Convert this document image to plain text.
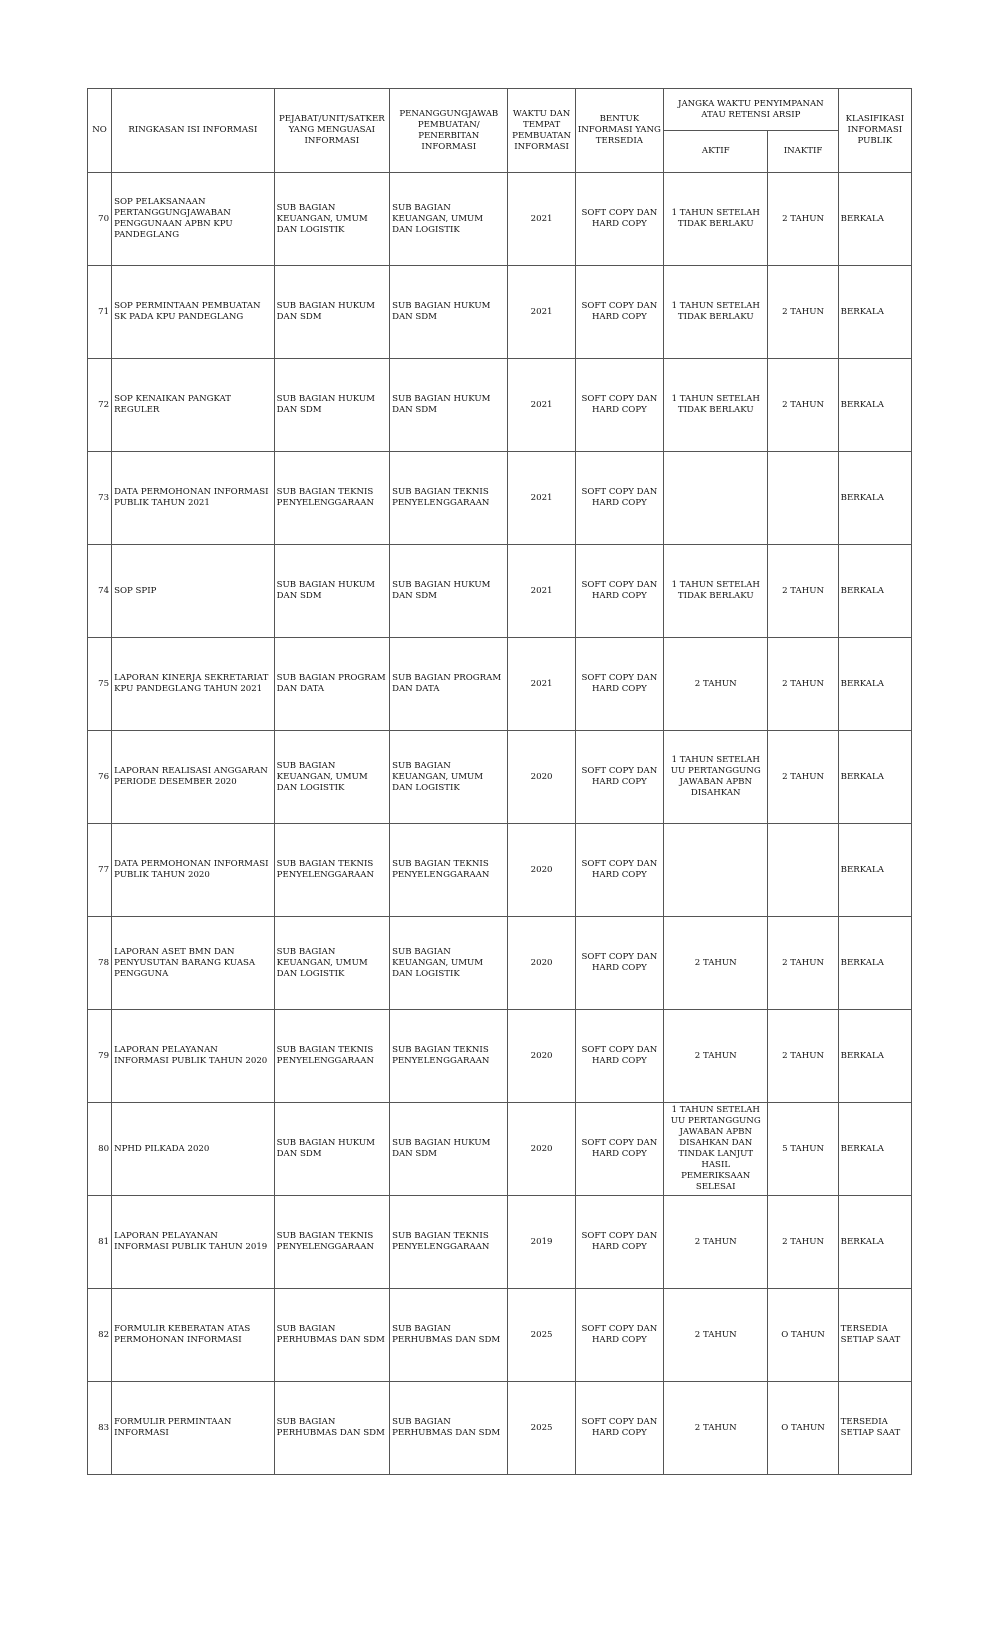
NO	RINGKASAN ISI INFORMASI	PEJABAT/UNIT/SATKER YANG MENGUASAI INFORMASI	PENANGGUNGJAWAB PEMBUATAN/ PENERBITAN INFORMASI	WAKTU DAN TEMPAT PEMBUATAN INFORMASI	BENTUK INFORMASI YANG TERSEDIA	JANGKA WAKTU PENYIMPANAN ATAU RETENSI ARSIP		KLASIFIKASI INFORMASI PUBLIK
						AKTIF	INAKTIF	
70	SOP PELAKSANAAN PERTANGGUNGJAWABAN PENGGUNAAN APBN KPU PANDEGLANG	SUB BAGIAN KEUANGAN, UMUM DAN LOGISTIK	SUB BAGIAN KEUANGAN, UMUM DAN LOGISTIK	2021	SOFT COPY DAN HARD COPY	1 TAHUN SETELAH TIDAK BERLAKU	2 TAHUN	BERKALA
71	SOP PERMINTAAN PEMBUATAN SK PADA KPU PANDEGLANG	SUB BAGIAN HUKUM DAN SDM	SUB BAGIAN HUKUM DAN SDM	2021	SOFT COPY DAN HARD COPY	1 TAHUN SETELAH TIDAK BERLAKU	2 TAHUN	BERKALA
72	SOP KENAIKAN PANGKAT REGULER	SUB BAGIAN HUKUM DAN SDM	SUB BAGIAN HUKUM DAN SDM	2021	SOFT COPY DAN HARD COPY	1 TAHUN SETELAH TIDAK BERLAKU	2 TAHUN	BERKALA
73	DATA PERMOHONAN INFORMASI PUBLIK TAHUN 2021	SUB BAGIAN TEKNIS PENYELENGGARAAN	SUB BAGIAN TEKNIS PENYELENGGARAAN	2021	SOFT COPY DAN HARD COPY			BERKALA
74	SOP SPIP	SUB BAGIAN HUKUM DAN SDM	SUB BAGIAN HUKUM DAN SDM	2021	SOFT COPY DAN HARD COPY	1 TAHUN SETELAH TIDAK BERLAKU	2 TAHUN	BERKALA
75	LAPORAN KINERJA SEKRETARIAT KPU PANDEGLANG TAHUN 2021	SUB BAGIAN PROGRAM DAN DATA	SUB BAGIAN PROGRAM DAN DATA	2021	SOFT COPY DAN HARD COPY	2 TAHUN	2 TAHUN	BERKALA
76	LAPORAN REALISASI ANGGARAN PERIODE DESEMBER 2020	SUB BAGIAN KEUANGAN, UMUM DAN LOGISTIK	SUB BAGIAN KEUANGAN, UMUM DAN LOGISTIK	2020	SOFT COPY DAN HARD COPY	1 TAHUN SETELAH UU PERTANGGUNG JAWABAN APBN DISAHKAN	2 TAHUN	BERKALA
77	DATA PERMOHONAN INFORMASI PUBLIK TAHUN 2020	SUB BAGIAN TEKNIS PENYELENGGARAAN	SUB BAGIAN TEKNIS PENYELENGGARAAN	2020	SOFT COPY DAN HARD COPY			BERKALA
78	LAPORAN ASET BMN DAN PENYUSUTAN BARANG KUASA PENGGUNA	SUB BAGIAN KEUANGAN, UMUM DAN LOGISTIK	SUB BAGIAN KEUANGAN, UMUM DAN LOGISTIK	2020	SOFT COPY DAN HARD COPY	2 TAHUN	2 TAHUN	BERKALA
79	LAPORAN PELAYANAN INFORMASI PUBLIK TAHUN 2020	SUB BAGIAN TEKNIS PENYELENGGARAAN	SUB BAGIAN TEKNIS PENYELENGGARAAN	2020	SOFT COPY DAN HARD COPY	2 TAHUN	2 TAHUN	BERKALA
80	NPHD PILKADA 2020	SUB BAGIAN HUKUM DAN SDM	SUB BAGIAN HUKUM DAN SDM	2020	SOFT COPY DAN HARD COPY	1 TAHUN SETELAH UU PERTANGGUNG JAWABAN APBN DISAHKAN DAN TINDAK LANJUT HASIL PEMERIKSAAN SELESAI	5 TAHUN	BERKALA
81	LAPORAN PELAYANAN INFORMASI PUBLIK TAHUN 2019	SUB BAGIAN TEKNIS PENYELENGGARAAN	SUB BAGIAN TEKNIS PENYELENGGARAAN	2019	SOFT COPY DAN HARD COPY	2 TAHUN	2 TAHUN	BERKALA
82	FORMULIR KEBERATAN ATAS PERMOHONAN INFORMASI	SUB BAGIAN PERHUBMAS DAN SDM	SUB BAGIAN PERHUBMAS DAN SDM	2025	SOFT COPY DAN HARD COPY	2 TAHUN	O TAHUN	TERSEDIA SETIAP SAAT
83	FORMULIR PERMINTAAN INFORMASI	SUB BAGIAN PERHUBMAS DAN SDM	SUB BAGIAN PERHUBMAS DAN SDM	2025	SOFT COPY DAN HARD COPY	2 TAHUN	O TAHUN	TERSEDIA SETIAP SAAT
